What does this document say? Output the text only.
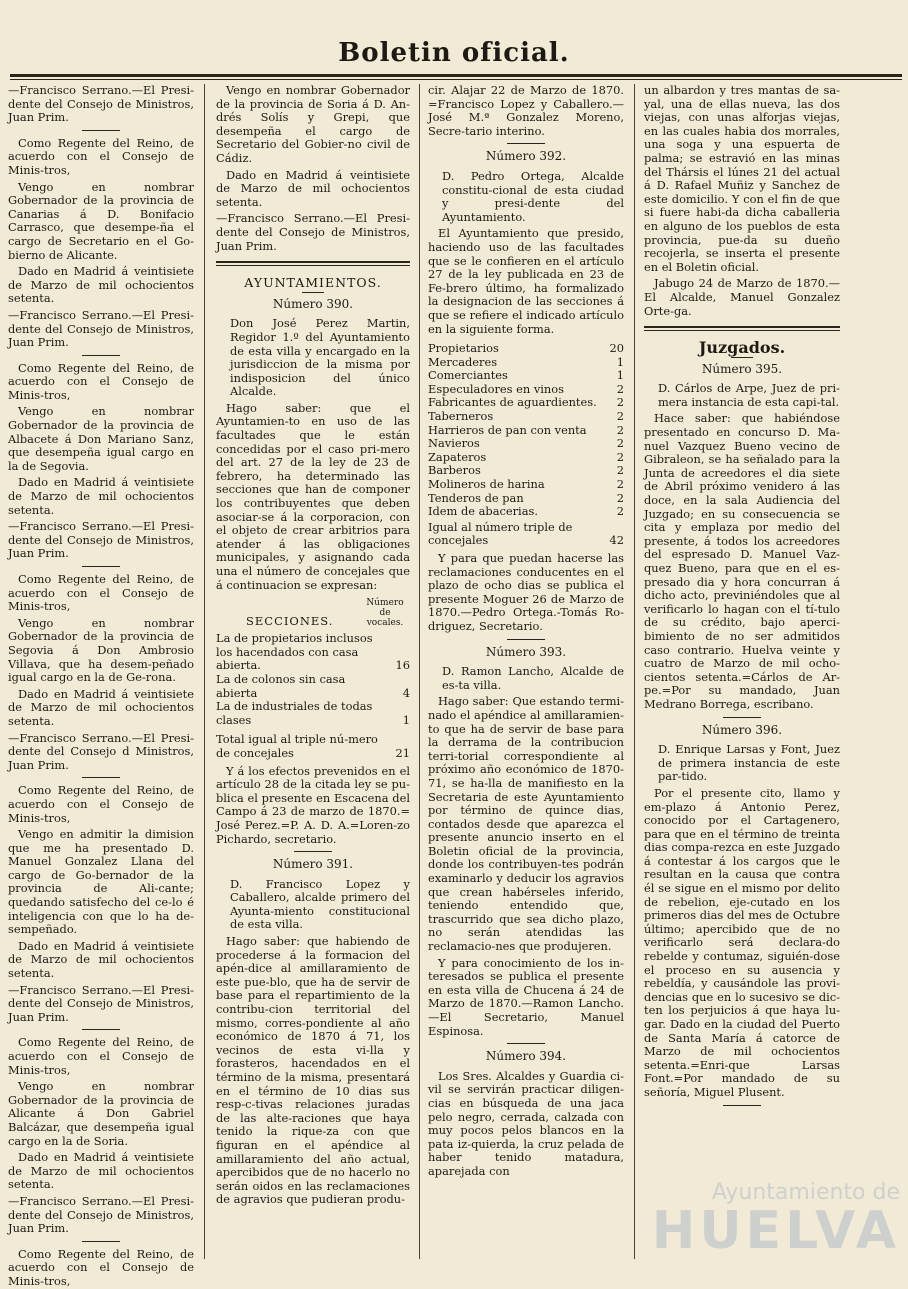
Boletin oficial.

—Francisco Serrano.—El Presi-dente del Consejo de Ministros, Juan Prim.

Como Regente del Reino, de acuerdo con el Consejo de Minis-tros,

Vengo en nombrar Gobernador de la provincia de Canarias á D. Bonifacio Carrasco, que desempe-ña el cargo de Secretario en el Go-bierno de Alicante.

Dado en Madrid á veintisiete de Marzo de mil ochocientos setenta.

—Francisco Serrano.—El Presi-dente del Consejo de Ministros, Juan Prim.

Como Regente del Reino, de acuerdo con el Consejo de Minis-tros,

Vengo en nombrar Gobernador de la provincia de Albacete á Don Mariano Sanz, que desempeña igual cargo en la de Segovia.

Dado en Madrid á veintisiete de Marzo de mil ochocientos setenta.

—Francisco Serrano.—El Presi-dente del Consejo de Ministros, Juan Prim.

Como Regente del Reino, de acuerdo con el Consejo de Minis-tros,

Vengo en nombrar Gobernador de la provincia de Segovia á Don Ambrosio Villava, que ha desem-peñado igual cargo en la de Ge-rona.

Dado en Madrid á veintisiete de Marzo de mil ochocientos setenta.

—Francisco Serrano.—El Presi-dente del Consejo d Ministros, Juan Prim.

Como Regente del Reino, de acuerdo con el Consejo de Minis-tros,

Vengo en admitir la dimision que me ha presentado D. Manuel Gonzalez Llana del cargo de Go-bernador de la provincia de Ali-cante; quedando satisfecho del ce-lo é inteligencia con que lo ha de-sempeñado.

Dado en Madrid á veintisiete de Marzo de mil ochocientos setenta.

—Francisco Serrano.—El Presi-dente del Consejo de Ministros, Juan Prim.

Como Regente del Reino, de acuerdo con el Consejo de Minis-tros,

Vengo en nombrar Gobernador de la provincia de Alicante á Don Gabriel Balcázar, que desempeña igual cargo en la de Soria.

Dado en Madrid á veintisiete de Marzo de mil ochocientos setenta.

—Francisco Serrano.—El Presi-dente del Consejo de Ministros, Juan Prim.

Como Regente del Reino, de acuerdo con el Consejo de Minis-tros,

Vengo en nombrar Gobernador de la provincia de Soria á D. An-drés Solís y Grepi, que desempeña el cargo de Secretario del Gobier-no civil de Cádiz.

Dado en Madrid á veintisiete de Marzo de mil ochocientos setenta.

—Francisco Serrano.—El Presi-dente del Consejo de Ministros, Juan Prim.

AYUNTAMIENTOS.
Número 390.

Don José Perez Martin, Regidor 1.º del Ayuntamiento de esta villa y encargado en la jurisdiccion de la misma por indisposicion del único Alcalde.

Hago saber: que el Ayuntamien-to en uso de las facultades que le están concedidas por el caso pri-mero del art. 27 de la ley de 23 de febrero, ha determinado las secciones que han de componer los contribuyentes que deben asociar-se á la corporacion, con el objeto de crear arbitrios para atender á las obligaciones municipales, y asignando cada una el número de concejales que á continuacion se expresan:

SECCIONES.
Número de vocales.
La de propietarios inclusos los hacendados con casa abierta.	16
La de colonos sin casa abierta	4
La de industriales de todas clases	1
Total igual al triple nú-mero de concejales	21

Y á los efectos prevenidos en el artículo 28 de la citada ley se pu-blica el presente en Escacena del Campo á 23 de marzo de 1870.= José Perez.=P. A. D. A.=Loren-zo Pichardo, secretario.

Número 391.

D. Francisco Lopez y Caballero, alcalde primero del Ayunta-miento constitucional de esta villa.

Hago saber: que habiendo de procederse á la formacion del apén-dice al amillaramiento de este pue-blo, que ha de servir de base para el repartimiento de la contribu-cion territorial del mismo, corres-pondiente al año económico de 1870 á 71, los vecinos de esta vi-lla y forasteros, hacendados en el término de la misma, presentará en el término de 10 dias sus resp-c-tivas relaciones juradas de las alte-raciones que haya tenido la rique-za con que figuran en el apéndice al amillaramiento del año actual, apercibidos que de no hacerlo no serán oidos en las reclamaciones de agravios que pudieran produ-

cir. Alajar 22 de Marzo de 1870. =Francisco Lopez y Caballero.— José M.ª Gonzalez Moreno, Secre-tario interino.

Número 392.

D. Pedro Ortega, Alcalde constitu-cional de esta ciudad y presi-dente del Ayuntamiento.

El Ayuntamiento que presido, haciendo uso de las facultades que se le confieren en el artículo 27 de la ley publicada en 23 de Fe-brero último, ha formalizado la designacion de las secciones á que se refiere el indicado artículo en la siguiente forma.

Propietarios	20
Mercaderes	1
Comerciantes	1
Especuladores en vinos	2
Fabricantes de aguardientes. 2
Taberneros	2
Harrieros de pan con venta	2
Navieros	2
Zapateros	2
Barberos	2
Molineros de harina	2
Tenderos de pan	2
Idem de abacerias.	2
Igual al número triple de concejales	42

Y para que puedan hacerse las reclamaciones conducentes en el plazo de ocho dias se publica el presente Moguer 26 de Marzo de 1870.—Pedro Ortega.-Tomás Ro-driguez, Secretario.

Número 393.

D. Ramon Lancho, Alcalde de es-ta villa.

Hago saber: Que estando termi-nado el apéndice al amillaramien-to que ha de servir de base para la derrama de la contribucion terri-torial correspondiente al próximo año económico de 1870-71, se ha-lla de manifiesto en la Secretaria de este Ayuntamiento por término de quince dias, contados desde que aparezca el presente anuncio inserto en el Boletin oficial de la provincia, donde los contribuyen-tes podrán examinarlo y deducir los agravios que crean habérseles inferido, teniendo entendido que, trascurrido que sea dicho plazo, no serán atendidas las reclamacio-nes que produjeren.

Y para conocimiento de los in-teresados se publica el presente en esta villa de Chucena á 24 de Marzo de 1870.—Ramon Lancho. —El Secretario, Manuel Espinosa.

Número 394.

Los Sres. Alcaldes y Guardia ci-vil se servirán practicar diligen-cias en búsqueda de una jaca pelo negro, cerrada, calzada con muy pocos pelos blancos en la pata iz-quierda, la cruz pelada de haber tenido matadura, aparejada con

un albardon y tres mantas de sa-yal, una de ellas nueva, las dos viejas, con unas alforjas viejas, en las cuales habia dos morrales, una soga y una espuerta de palma; se estravió en las minas del Thársis el lúnes 21 del actual á D. Rafael Muñiz y Sanchez de este domicilio. Y con el fin de que si fuere habi-da dicha caballeria en alguno de los pueblos de esta provincia, pue-da su dueño recojerla, se inserta el presente en el Boletin oficial.

Jabugo 24 de Marzo de 1870.— El Alcalde, Manuel Gonzalez Orte-ga.

Juzgados.
Número 395.

D. Cárlos de Arpe, Juez de pri-mera instancia de esta capi-tal.

Hace saber: que habiéndose presentado en concurso D. Ma-nuel Vazquez Bueno vecino de Gibraleon, se ha señalado para la Junta de acreedores el dia siete de Abril próximo venidero á las doce, en la sala Audiencia del Juzgado; en su consecuencia se cita y emplaza por medio del presente, á todos los acreedores del espresado D. Manuel Vaz-quez Bueno, para que en el es-presado dia y hora concurran á dicho acto, previniéndoles que al verificarlo lo hagan con el tí-tulo de su crédito, bajo aperci-bimiento de no ser admitidos caso contrario. Huelva veinte y cuatro de Marzo de mil ocho-cientos setenta.=Cárlos de Ar-pe.=Por su mandado, Juan Medrano Borrega, escribano.

Número 396.

D. Enrique Larsas y Font, Juez de primera instancia de este par-tido.

Por el presente cito, llamo y em-plazo á Antonio Perez, conocido por el Cartagenero, para que en el término de treinta dias compa-rezca en este Juzgado á contestar á los cargos que le resultan en la causa que contra él se sigue en el mismo por delito de rebelion, eje-cutado en los primeros dias del mes de Octubre último; apercibido que de no verificarlo será declara-do rebelde y contumaz, siguién-dose el proceso en su ausencia y rebeldía, y causándole las provi-dencias que en lo sucesivo se dic-ten los perjuicios á que haya lu-gar. Dado en la ciudad del Puerto de Santa María á catorce de Marzo de mil ochocientos setenta.=Enri-que Larsas Font.=Por mandado de su señoría, Miguel Plusent.

Ayuntamiento de
HUELVA
